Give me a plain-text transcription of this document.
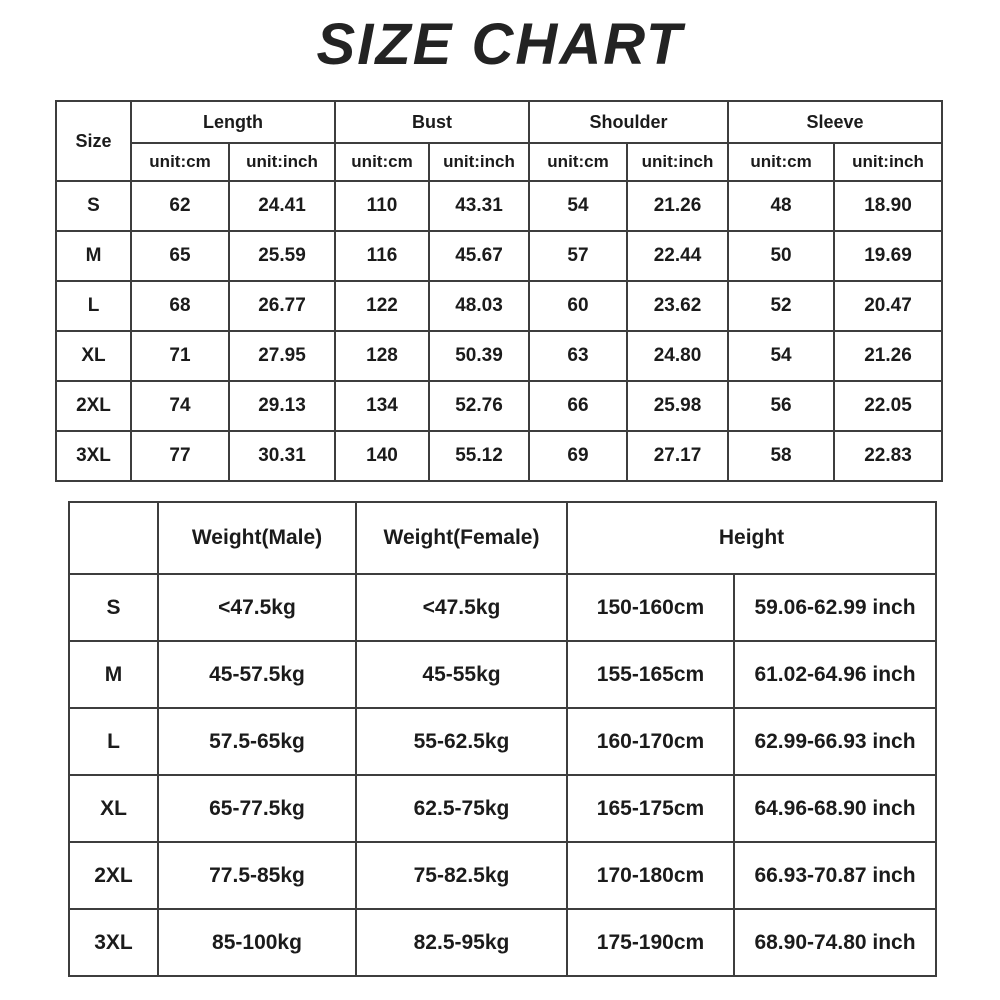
SIZE CHART
Size	Length		Bust		Shoulder		Sleeve	
	unit:cm	unit:inch	unit:cm	unit:inch	unit:cm	unit:inch	unit:cm	unit:inch
S	62	24.41	110	43.31	54	21.26	48	18.90
M	65	25.59	116	45.67	57	22.44	50	19.69
L	68	26.77	122	48.03	60	23.62	52	20.47
XL	71	27.95	128	50.39	63	24.80	54	21.26
2XL	74	29.13	134	52.76	66	25.98	56	22.05
3XL	77	30.31	140	55.12	69	27.17	58	22.83
	Weight(Male)	Weight(Female)	Height	
S	<47.5kg	<47.5kg	150-160cm	59.06-62.99 inch
M	45-57.5kg	45-55kg	155-165cm	61.02-64.96 inch
L	57.5-65kg	55-62.5kg	160-170cm	62.99-66.93 inch
XL	65-77.5kg	62.5-75kg	165-175cm	64.96-68.90 inch
2XL	77.5-85kg	75-82.5kg	170-180cm	66.93-70.87 inch
3XL	85-100kg	82.5-95kg	175-190cm	68.90-74.80 inch
